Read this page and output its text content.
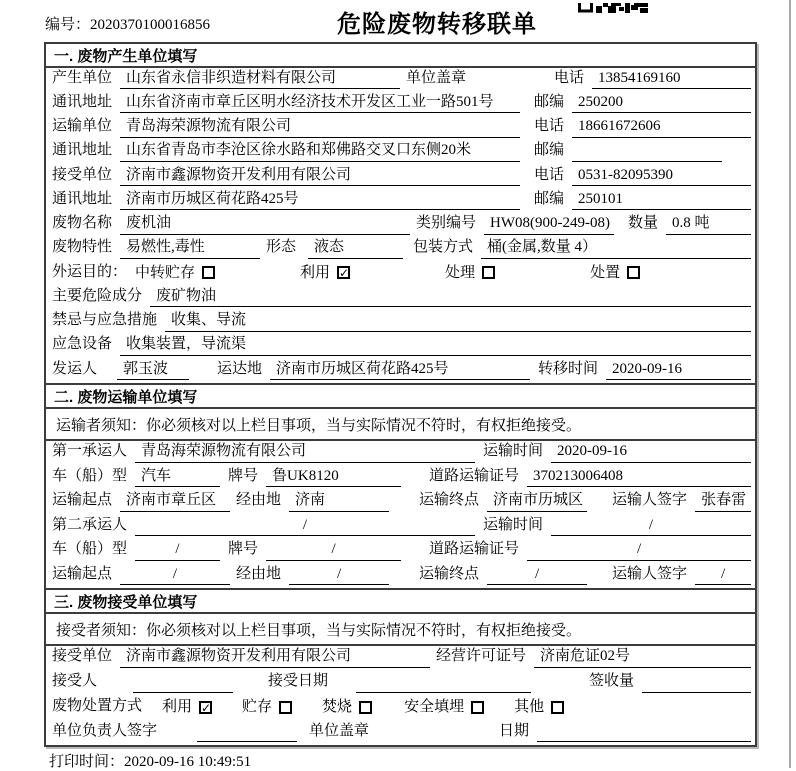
编号：2020370100016856	危险废物转移联单
一. 废物产生单位填写
产生单位 山东省永信非织造材料有限公司	单位盖章	电话 13854169160
通讯地址 山东省济南市章丘区明水经济技术开发区工业一路501号	邮编 250200
运输单位 青岛海荣源物流有限公司	电话 18661672606
通讯地址 山东省青岛市李沧区徐水路和郑佛路交叉口东侧20米	邮编
接受单位 济南市鑫源物资开发利用有限公司	电话 0531-82095390
通讯地址 济南市历城区荷花路425号	邮编 250101
废物名称 废机油	类别编号 HW08(900-249-08) 数量 0.8 吨
废物特性 易燃性,毒性	形态	液态	包装方式 桶(金属,数量 4）
外运目的： 中转贮存	利用 ✓	处理	处置
主要危险成分 废矿物油
禁忌与应急措施 收集、导流
应急设备 收集装置，导流渠
发运人	郭玉波	运达地 济南市历城区荷花路425号	转移时间 2020-09-16
二. 废物运输单位填写
运输者须知：你必须核对以上栏目事项，当与实际情况不符时，有权拒绝接受。
第一承运人 青岛海荣源物流有限公司	运输时间 2020-09-16
车（船）型 汽车	牌号 鲁UK8120	道路运输证号 370213006408
运输起点 济南市章丘区	经由地 济南	运输终点 济南市历城区 运输人签字 张春雷
第二承运人	/	运输时间	/
车（船）型	/	牌号	/	道路运输证号	/
运输起点	/	经由地	/	运输终点	/	运输人签字	/
三. 废物接受单位填写
接受者须知：你必须核对以上栏目事项，当与实际情况不符时，有权拒绝接受。
接受单位 济南市鑫源物资开发利用有限公司	经营许可证号 济南危证02号
接受人	接受日期	签收量
废物处置方式 利用 ✓ 贮存	焚烧	安全填埋	其他
单位负责人签字	单位盖章	日期
打印时间：2020-09-16 10:49:51
